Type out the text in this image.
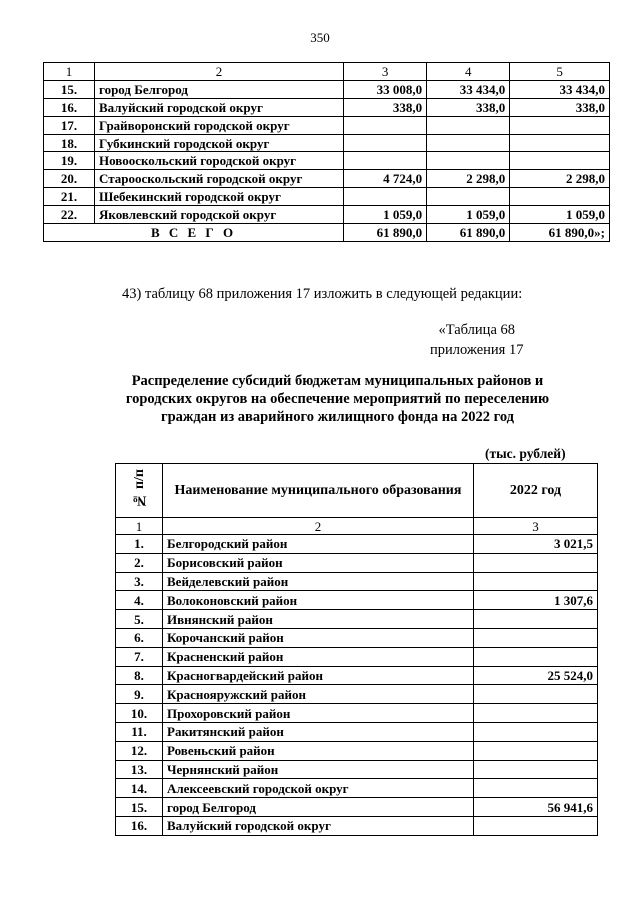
350
1	2	3	4	5
15.	город Белгород	33 008,0	33 434,0	33 434,0
16.	Валуйский городской округ	338,0	338,0	338,0
17.	Грайворонский городской округ			
18.	Губкинский городской округ			
19.	Новооскольский городской округ			
20.	Старооскольский городской округ	4 724,0	2 298,0	2 298,0
21.	Шебекинский городской округ			
22.	Яковлевский городской округ	1 059,0	1 059,0	1 059,0
В С Е Г О		61 890,0	61 890,0	61 890,0»;
43) таблицу 68 приложения 17 изложить в следующей редакции:
«Таблица 68
приложения 17
Распределение субсидий бюджетам муниципальных районов и городских округов на обеспечение мероприятий по переселению граждан из аварийного жилищного фонда на 2022 год
(тыс. рублей)
№ п/п	Наименование муниципального образования	2022 год
1	2	3
1.	Белгородский район	3 021,5
2.	Борисовский район	
3.	Вейделевский район	
4.	Волоконовский район	1 307,6
5.	Ивнянский район	
6.	Корочанский район	
7.	Красненский район	
8.	Красногвардейский район	25 524,0
9.	Краснояружский район	
10.	Прохоровский район	
11.	Ракитянский район	
12.	Ровеньский район	
13.	Чернянский район	
14.	Алексеевский городской округ	
15.	город Белгород	56 941,6
16.	Валуйский городской округ	
